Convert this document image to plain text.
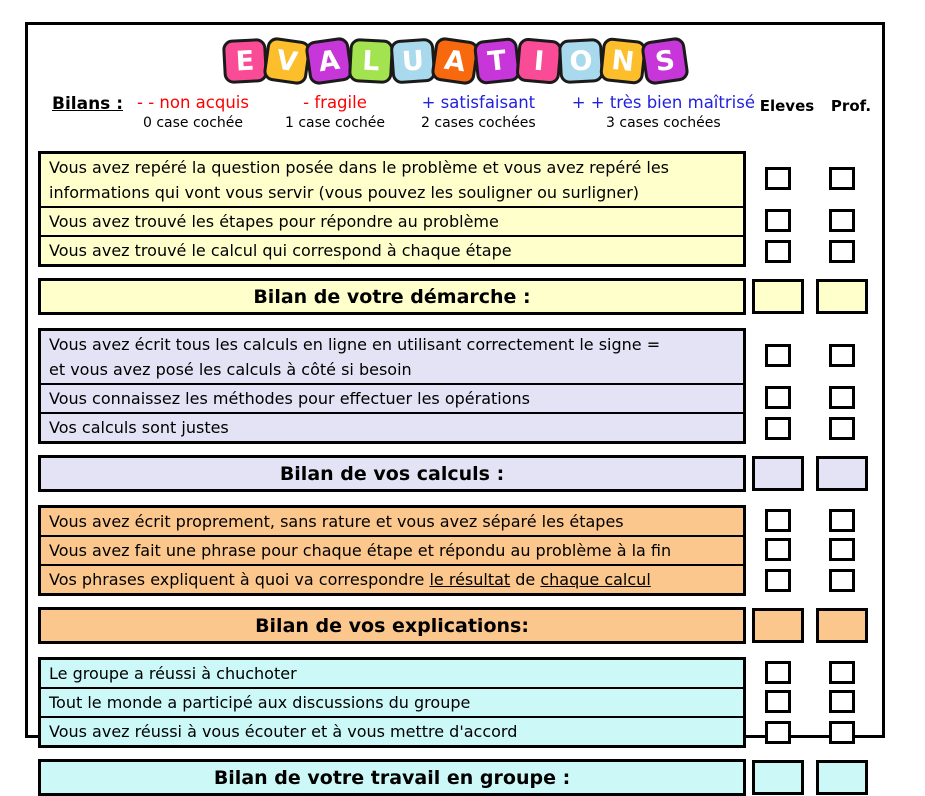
E V A L U A T I O N S
Bilans : - - non acquis
0 case cochée
- fragile
1 case cochée
+ satisfaisant
2 cases cochées
+ + très bien maîtrisé
3 cases cochées
Eleves	Prof.
Vous avez repéré la question posée dans le problème et vous avez repéré les
informations qui vont vous servir (vous pouvez les souligner ou surligner)
Vous avez trouvé les étapes pour répondre au problème
Vous avez trouvé le calcul qui correspond à chaque étape
Bilan de votre démarche :
Vous avez écrit tous les calculs en ligne en utilisant correctement le signe =
et vous avez posé les calculs à côté si besoin
Vous connaissez les méthodes pour effectuer les opérations
Vos calculs sont justes
Bilan de vos calculs :
Vous avez écrit proprement, sans rature et vous avez séparé les étapes
Vous avez fait une phrase pour chaque étape et répondu au problème à la fin
Vos phrases expliquent à quoi va correspondre le résultat de chaque calcul
Bilan de vos explications:
Le groupe a réussi à chuchoter
Tout le monde a participé aux discussions du groupe
Vous avez réussi à vous écouter et à vous mettre d'accord
Bilan de votre travail en groupe :
